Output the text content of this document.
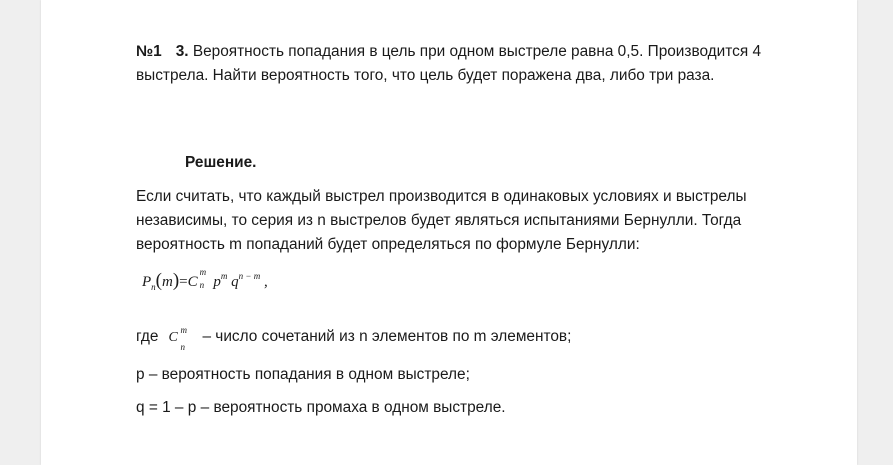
№1 3. Вероятность попадания в цель при одном выстреле равна 0,5. Производится 4 выстрела. Найти вероятность того, что цель будет поражена два, либо три раза.
Решение.
Если считать, что каждый выстрел производится в одинаковых условиях и выстрелы независимы, то серия из n выстрелов будет являться испытаниями Бернулли. Тогда вероятность m попаданий будет определяться по формуле Бернулли:
$P_n(m)=C$
m
n $p^m$ $q^{n - m}$ ,
где C m
n
– число сочетаний из n элементов по m элементов;
р – вероятность попадания в одном выстреле;
q = 1 – р – вероятность промаха в одном выстреле.
